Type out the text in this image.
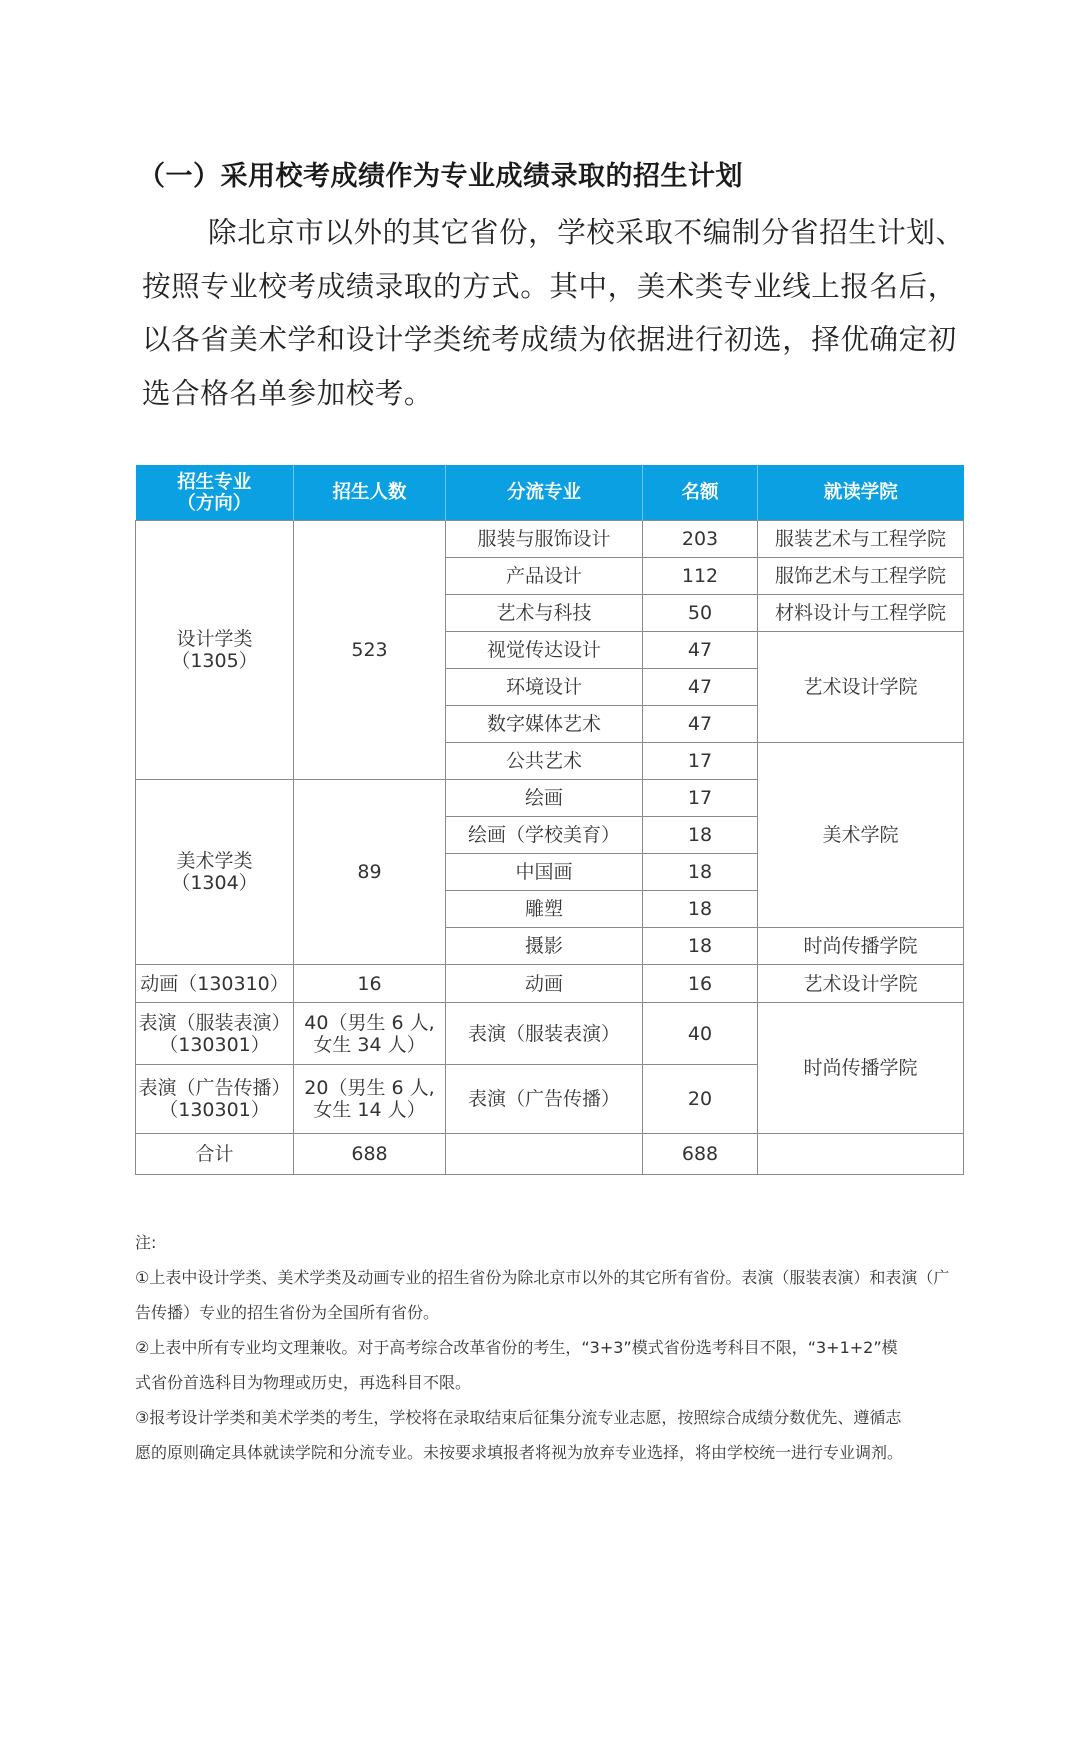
（一）采用校考成绩作为专业成绩录取的招生计划
除北京市以外的其它省份，学校采取不编制分省招生计划、
按照专业校考成绩录取的方式。其中，美术类专业线上报名后，
以各省美术学和设计学类统考成绩为依据进行初选，择优确定初
选合格名单参加校考。
招生专业
（方向）	招生人数	分流专业	名额	就读学院

设计学类
（1305）	523	服装与服饰设计	203	服装艺术与工程学院
		产品设计	112	服饰艺术与工程学院
		艺术与科技	50	材料设计与工程学院
		视觉传达设计	47	艺术设计学院
		环境设计	47	
		数字媒体艺术	47	
		公共艺术	17	美术学院

美术学类
（1304）	89	绘画	17	
		绘画（学校美育）	18	
		中国画	18	
		雕塑	18	
		摄影	18	时尚传播学院
动画（130310）	16	动画	16	艺术设计学院

表演（服装表演）
（130301）	40（男生 6 人,
女生 34 人）	表演（服装表演）	40	时尚传播学院

表演（广告传播）
（130301）	20（男生 6 人,
女生 14 人）	表演（广告传播）	20	
合计	688		688	
注:
①上表中设计学类、美术学类及动画专业的招生省份为除北京市以外的其它所有省份。表演（服装表演）和表演（广
告传播）专业的招生省份为全国所有省份。
②上表中所有专业均文理兼收。对于高考综合改革省份的考生，“3+3”模式省份选考科目不限，“3+1+2”模
式省份首选科目为物理或历史，再选科目不限。
③报考设计学类和美术学类的考生，学校将在录取结束后征集分流专业志愿，按照综合成绩分数优先、遵循志
愿的原则确定具体就读学院和分流专业。未按要求填报者将视为放弃专业选择，将由学校统一进行专业调剂。
